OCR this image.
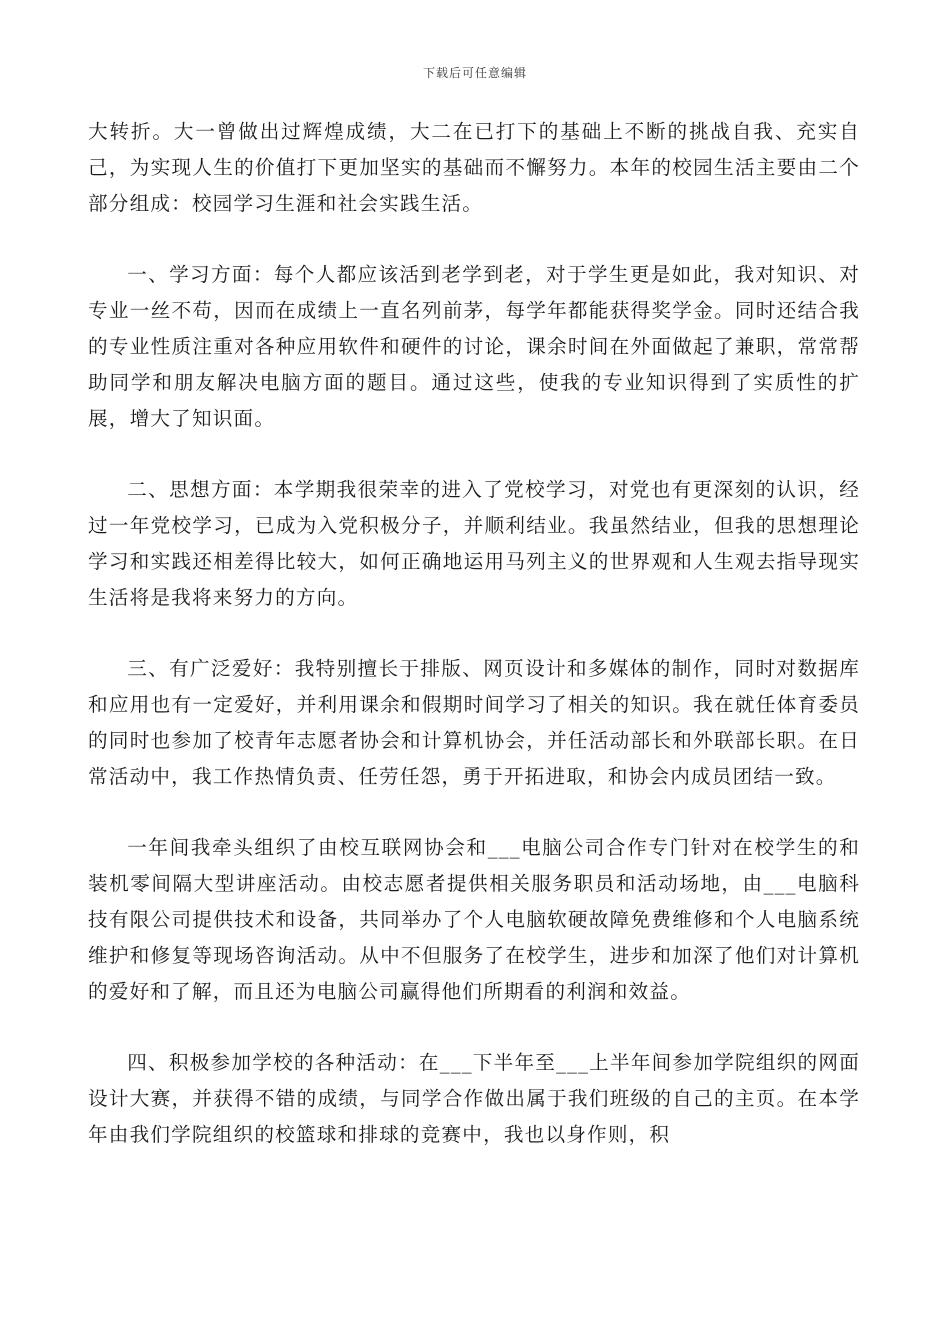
下载后可任意编辑

大转折。大一曾做出过辉煌成绩，大二在已打下的基础上不断的挑战自我、充实自己，为实现人生的价值打下更加坚实的基础而不懈努力。本年的校园生活主要由二个部分组成：校园学习生涯和社会实践生活。

一、学习方面：每个人都应该活到老学到老，对于学生更是如此，我对知识、对专业一丝不苟，因而在成绩上一直名列前茅，每学年都能获得奖学金。同时还结合我的专业性质注重对各种应用软件和硬件的讨论，课余时间在外面做起了兼职，常常帮助同学和朋友解决电脑方面的题目。通过这些，使我的专业知识得到了实质性的扩展，增大了知识面。

二、思想方面：本学期我很荣幸的进入了党校学习，对党也有更深刻的认识，经过一年党校学习，已成为入党积极分子，并顺利结业。我虽然结业，但我的思想理论学习和实践还相差得比较大，如何正确地运用马列主义的世界观和人生观去指导现实生活将是我将来努力的方向。

三、有广泛爱好：我特别擅长于排版、网页设计和多媒体的制作，同时对数据库和应用也有一定爱好，并利用课余和假期时间学习了相关的知识。我在就任体育委员的同时也参加了校青年志愿者协会和计算机协会，并任活动部长和外联部长职。在日常活动中，我工作热情负责、任劳任怨，勇于开拓进取，和协会内成员团结一致。

一年间我牵头组织了由校互联网协会和___电脑公司合作专门针对在校学生的和装机零间隔大型讲座活动。由校志愿者提供相关服务职员和活动场地，由___电脑科技有限公司提供技术和设备，共同举办了个人电脑软硬故障免费维修和个人电脑系统维护和修复等现场咨询活动。从中不但服务了在校学生，进步和加深了他们对计算机的爱好和了解，而且还为电脑公司赢得他们所期看的利润和效益。

四、积极参加学校的各种活动：在___下半年至___上半年间参加学院组织的网面设计大赛，并获得不错的成绩，与同学合作做出属于我们班级的自己的主页。在本学年由我们学院组织的校篮球和排球的竞赛中，我也以身作则，积
